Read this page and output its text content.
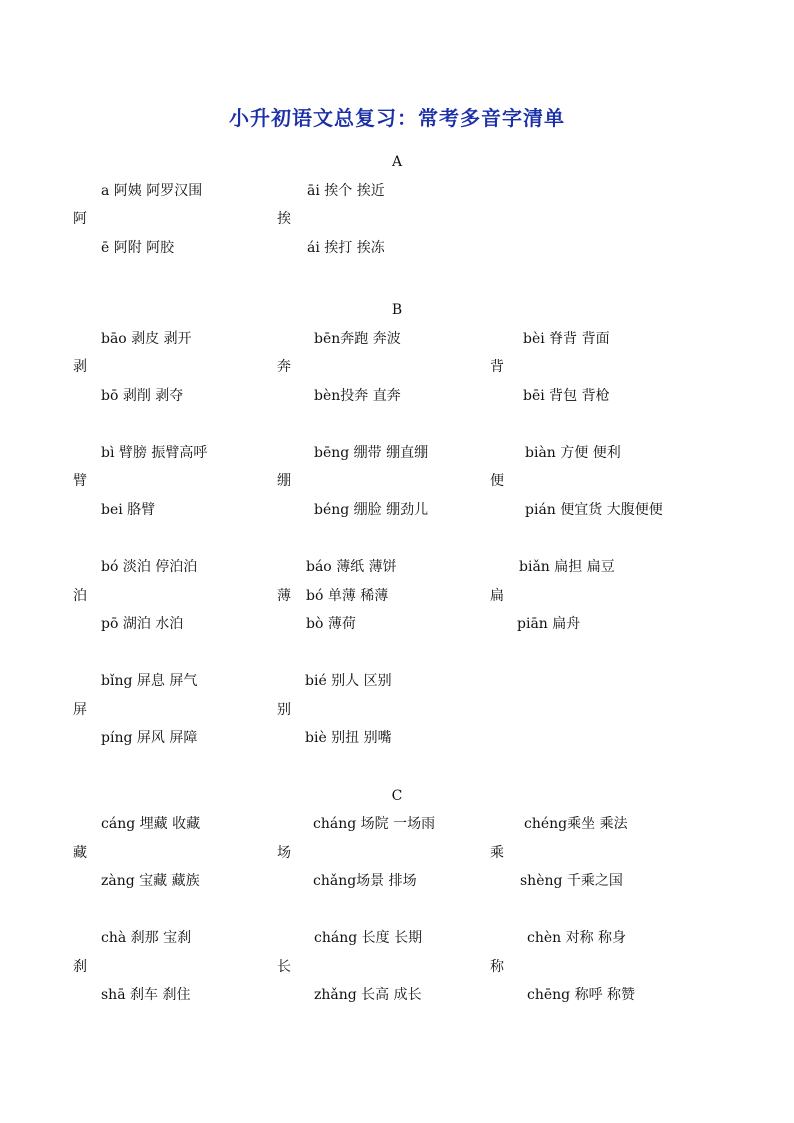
小升初语文总复习：常考多音字清单
A
a 阿姨 阿罗汉围
阿
ē 阿附 阿胶
āi 挨个 挨近
挨
ái 挨打 挨冻
B
bāo 剥皮 剥开
剥
bō 剥削 剥夺
bēn奔跑 奔波
奔
bèn投奔 直奔
bèi 脊背 背面
背
bēi 背包 背枪
bì 臂膀 振臂高呼
臂
bei 胳臂
bēng 绷带 绷直绷
绷
béng 绷脸 绷劲儿
biàn 方便 便利
便
pián 便宜货 大腹便便
bó 淡泊 停泊泊
泊
pō 湖泊 水泊
báo 薄纸 薄饼
薄 bó 单薄 稀薄
bò 薄荷
biǎn 扁担 扁豆
扁
piān 扁舟
bǐng 屏息 屏气
屏
píng 屏风 屏障
bié 别人 区别
别
biè 别扭 别嘴
C
cáng 埋藏 收藏
藏
zàng 宝藏 藏族
cháng 场院 一场雨
场
chǎng场景 排场
chéng乘坐 乘法
乘
shèng 千乘之国
chà 刹那 宝刹
刹
shā 刹车 刹住
cháng 长度 长期
长
zhǎng 长高 成长
chèn 对称 称身
称
chēng 称呼 称赞
